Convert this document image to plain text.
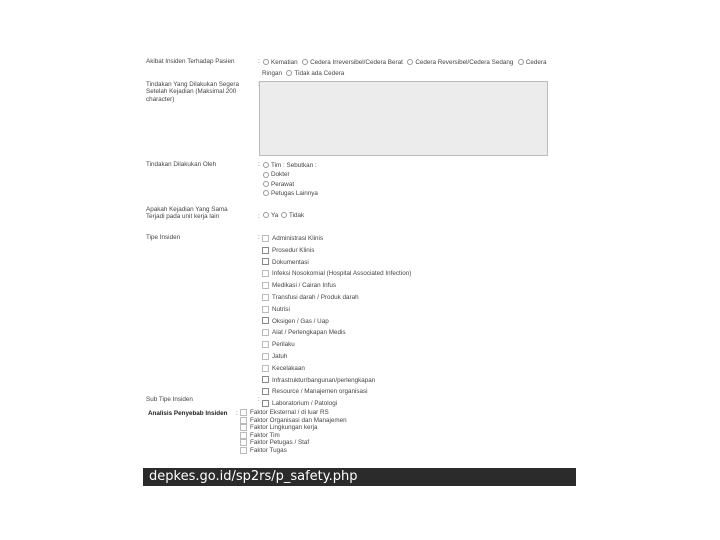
Akibat Insiden Terhadap Pasien	:	Kematian Cedera Irreversibel/Cedera Berat Cedera Reversibel/Cedera Sedang Cedera Ringan Tidak ada Cedera
Tindakan Yang Dilakukan Segera Setelah Kejadian (Maksimal 200 character)
Tindakan Dilakukan Oleh	:	Tim : Sebutkan :
Dokter
Perawat
Petugas Lainnya
Apakah Kejadian Yang Sama Terjadi pada unit kerja lain	:	Ya Tidak
Tipe Insiden	:	Administrasi Klinis
Prosedur Klinis
Dokumentasi
Infeksi Nosokomial (Hospital Associated Infection)
Medikasi / Cairan Infus
Transfusi darah / Produk darah
Nutrisi
Oksigen / Gas / Uap
Alat / Perlengkapan Medis
Perilaku
Jatuh
Kecelakaan
Infrastruktur/bangunan/perlengkapan
Resource / Manajemen organisasi
Laboratorium / Patologi
Sub Tipe Insiden	:
Analisis Penyebab Insiden	:	Faktor Eksternal / di luar RS
Faktor Organisasi dan Manajemen
Faktor Lingkungan kerja
Faktor Tim
Faktor Petugas / Staf
Faktor Tugas
depkes.go.id/sp2rs/p_safety.php
